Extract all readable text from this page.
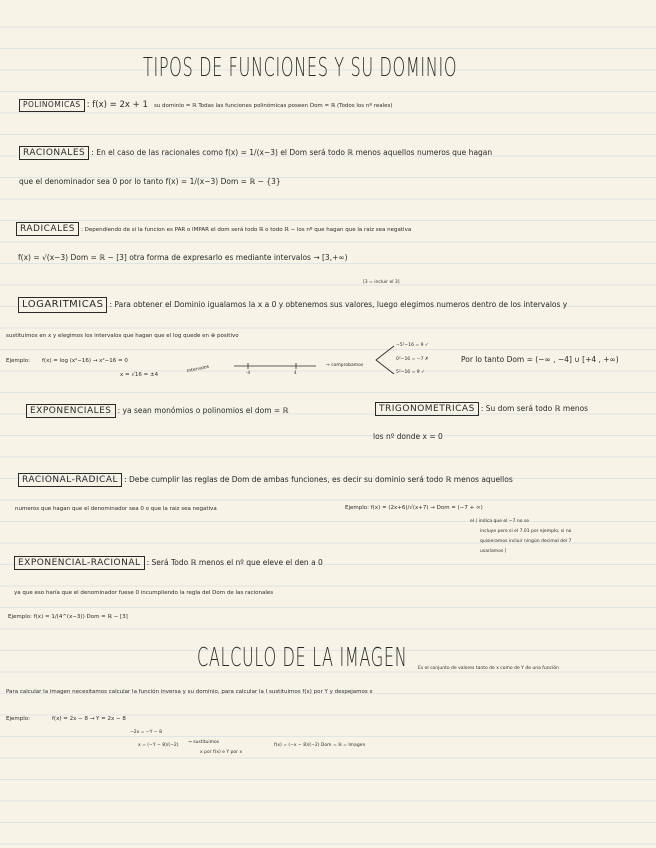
TIPOS DE FUNCIONES Y SU DOMINIO
POLINOMICAS : f(x) = 2x + 1 su dominio = ℝ Todas las funciones polinómicas poseen Dom = ℝ (Todos los nº reales)
RACIONALES : En el caso de las racionales como f(x) = 1/(x−3) el Dom será todo ℝ menos aquellos numeros que hagan
que el denominador sea 0 por lo tanto f(x) = 1/(x−3) Dom = ℝ − {3}
RADICALES : Dependiendo de si la funcion es PAR o IMPAR el dom será todo ℝ o todo ℝ − los nº que hagan que la raiz sea negativa
f(x) = √(x−3) Dom = ℝ − [3] otra forma de expresarlo es mediante intervalos → [3,+∞)
[3 = incluir el 3]
LOGARITMICAS : Para obtener el Dominio igualamos la x a 0 y obtenemos sus valores, luego elegimos numeros dentro de los intervalos y
sustituimos en x y elegimos los intervalos que hagan que el log quede en ⊕ positivo
Ejemplo: f(x) = log (x²−16) → x²−16 = 0
x = √16 = ±4
Intervalos	-4	4
→ comprobamos
−5²−16 = 9 ✓
0²−16 = −7 ✗
5²−16 = 9 ✓
Por lo tanto Dom = (−∞ , −4] ∪ [+4 , +∞)
EXPONENCIALES : ya sean monómios o polinomios el dom = ℝ	TRIGONOMETRICAS : Su dom será todo ℝ menos
los nº donde x = 0
RACIONAL-RADICAL : Debe cumplir las reglas de Dom de ambas funciones, es decir su dominio será todo ℝ menos aquellos
numeros que hagan que el denominador sea 0 o que la raiz sea negativa	Ejemplo: f(x) = (2x+6)/√(x+7) → Dom = (−7 + ∞)
el ( indica que el −7 no se
incluye pero si el 7.01 por ejemplo, si no
quisieramos incluir ningún decimal del 7
usaríamos [
EXPONENCIAL-RACIONAL : Será Todo ℝ menos el nº que eleve el den a 0
ya que eso haría que el denominador fuese 0 incumpliendo la regla del Dom de las racionales
Ejemplo: f(x) = 1/(4^(x−3)) Dom = ℝ − [3]
CALCULO DE LA IMAGEN Es el conjunto de valores tanto de x como de Y de una función
Para calcular la imagen necesitamos calcular la función inversa y su dominio, para calcular la I sustituimos f(x) por Y y despejamos x
Ejemplo:	f(x) = 2x − 8 → Y = 2x − 8
−2x = −Y − 8
x = (−Y − 8)/(−2)
→ sustituimos
x por f(x) e Y por x
f(x) = (−x − 8)/(−2) Dom = ℝ = Imagen
